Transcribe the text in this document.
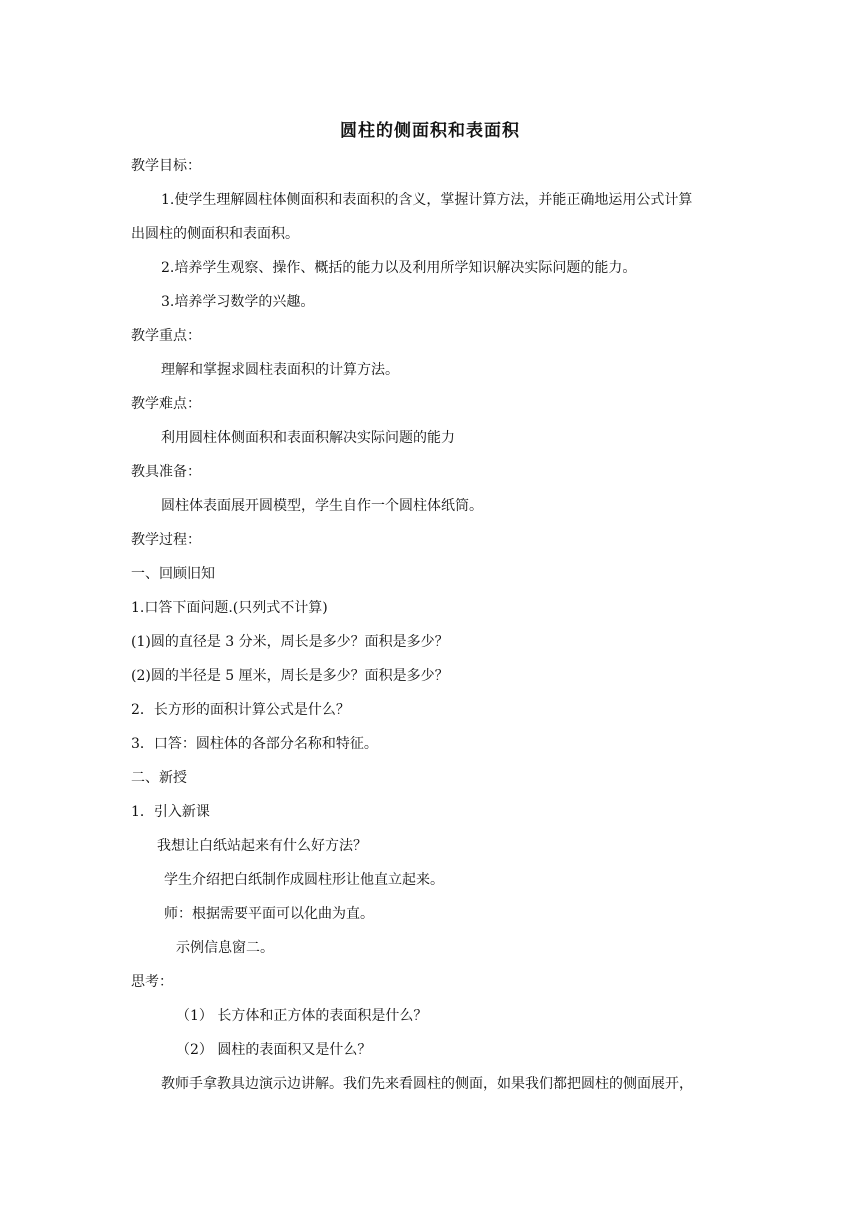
圆柱的侧面积和表面积
教学目标：
1.使学生理解圆柱体侧面积和表面积的含义，掌握计算方法，并能正确地运用公式计算
出圆柱的侧面积和表面积。
2.培养学生观察、操作、概括的能力以及利用所学知识解决实际问题的能力。
3.培养学习数学的兴趣。
教学重点：
理解和掌握求圆柱表面积的计算方法。
教学难点：
利用圆柱体侧面积和表面积解决实际问题的能力
教具准备：
圆柱体表面展开圆模型，学生自作一个圆柱体纸筒。
教学过程：
一、回顾旧知
1.口答下面问题.(只列式不计算)
(1)圆的直径是 3 分米，周长是多少？面积是多少？
(2)圆的半径是 5 厘米，周长是多少？面积是多少？
2．长方形的面积计算公式是什么？
3．口答：圆柱体的各部分名称和特征。
二、新授
1．引入新课
我想让白纸站起来有什么好方法？
学生介绍把白纸制作成圆柱形让他直立起来。
师：根据需要平面可以化曲为直。
示例信息窗二。
思考：
（1） 长方体和正方体的表面积是什么？
（2） 圆柱的表面积又是什么？
教师手拿教具边演示边讲解。我们先来看圆柱的侧面，如果我们都把圆柱的侧面展开，
